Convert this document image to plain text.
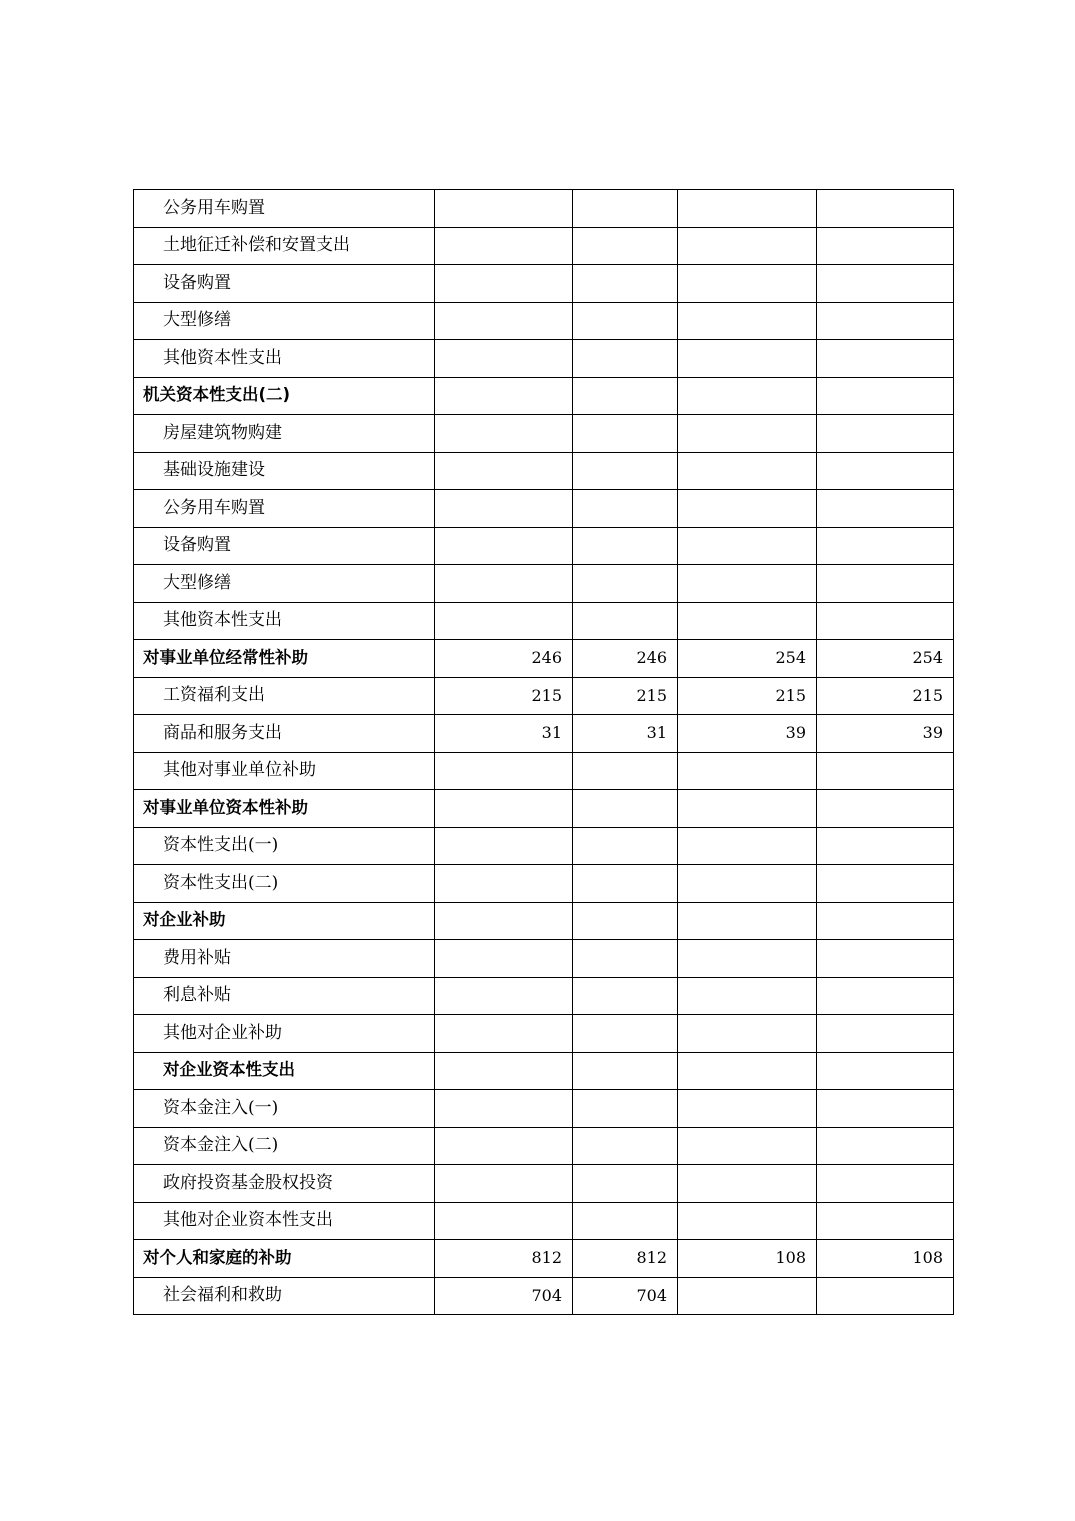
公务用车购置				
土地征迁补偿和安置支出				
设备购置				
大型修缮				
其他资本性支出				
机关资本性支出(二)				
房屋建筑物购建				
基础设施建设				
公务用车购置				
设备购置				
大型修缮				
其他资本性支出				
对事业单位经常性补助	246	246	254	254
工资福利支出	215	215	215	215
商品和服务支出	31	31	39	39
其他对事业单位补助				
对事业单位资本性补助				
资本性支出(一)				
资本性支出(二)				
对企业补助				
费用补贴				
利息补贴				
其他对企业补助				
对企业资本性支出				
资本金注入(一)				
资本金注入(二)				
政府投资基金股权投资				
其他对企业资本性支出				
对个人和家庭的补助	812	812	108	108
社会福利和救助	704	704		
